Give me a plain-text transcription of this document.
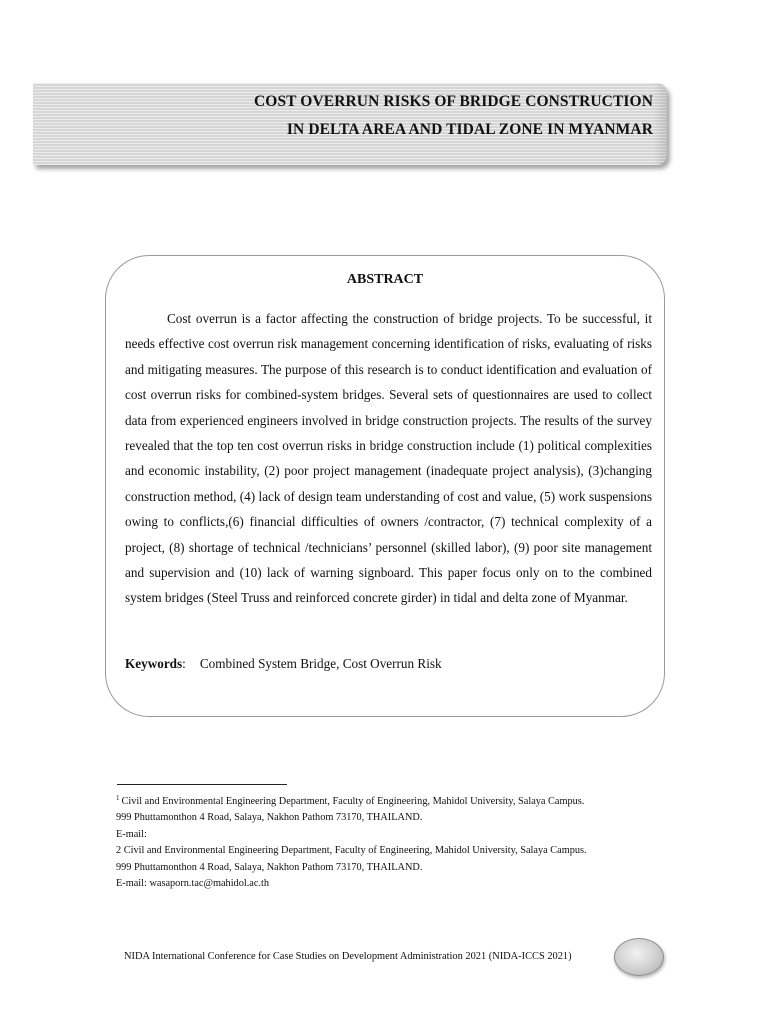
COST OVERRUN RISKS OF BRIDGE CONSTRUCTION
IN DELTA AREA AND TIDAL ZONE IN MYANMAR
ABSTRACT

Cost overrun is a factor affecting the construction of bridge projects. To be successful, it needs effective cost overrun risk management concerning identification of risks, evaluating of risks and mitigating measures. The purpose of this research is to conduct identification and evaluation of cost overrun risks for combined-system bridges. Several sets of questionnaires are used to collect data from experienced engineers involved in bridge construction projects. The results of the survey revealed that the top ten cost overrun risks in bridge construction include (1) political complexities and economic instability, (2) poor project management (inadequate project analysis), (3)changing construction method, (4) lack of design team understanding of cost and value, (5) work suspensions owing to conflicts,(6) financial difficulties of owners /contractor, (7) technical complexity of a project, (8) shortage of technical /technicians’ personnel (skilled labor), (9) poor site management and supervision and (10) lack of warning signboard. This paper focus only on to the combined system bridges (Steel Truss and reinforced concrete girder) in tidal and delta zone of Myanmar.

Keywords: Combined System Bridge, Cost Overrun Risk

$^1$ Civil and Environmental Engineering Department, Faculty of Engineering, Mahidol University, Salaya Campus.
999 Phuttamonthon 4 Road, Salaya, Nakhon Pathom 73170, THAILAND.
E-mail:
2 Civil and Environmental Engineering Department, Faculty of Engineering, Mahidol University, Salaya Campus.
999 Phuttamonthon 4 Road, Salaya, Nakhon Pathom 73170, THAILAND.
E-mail: wasaporn.tac@mahidol.ac.th

NIDA International Conference for Case Studies on Development Administration 2021 (NIDA-ICCS 2021)
